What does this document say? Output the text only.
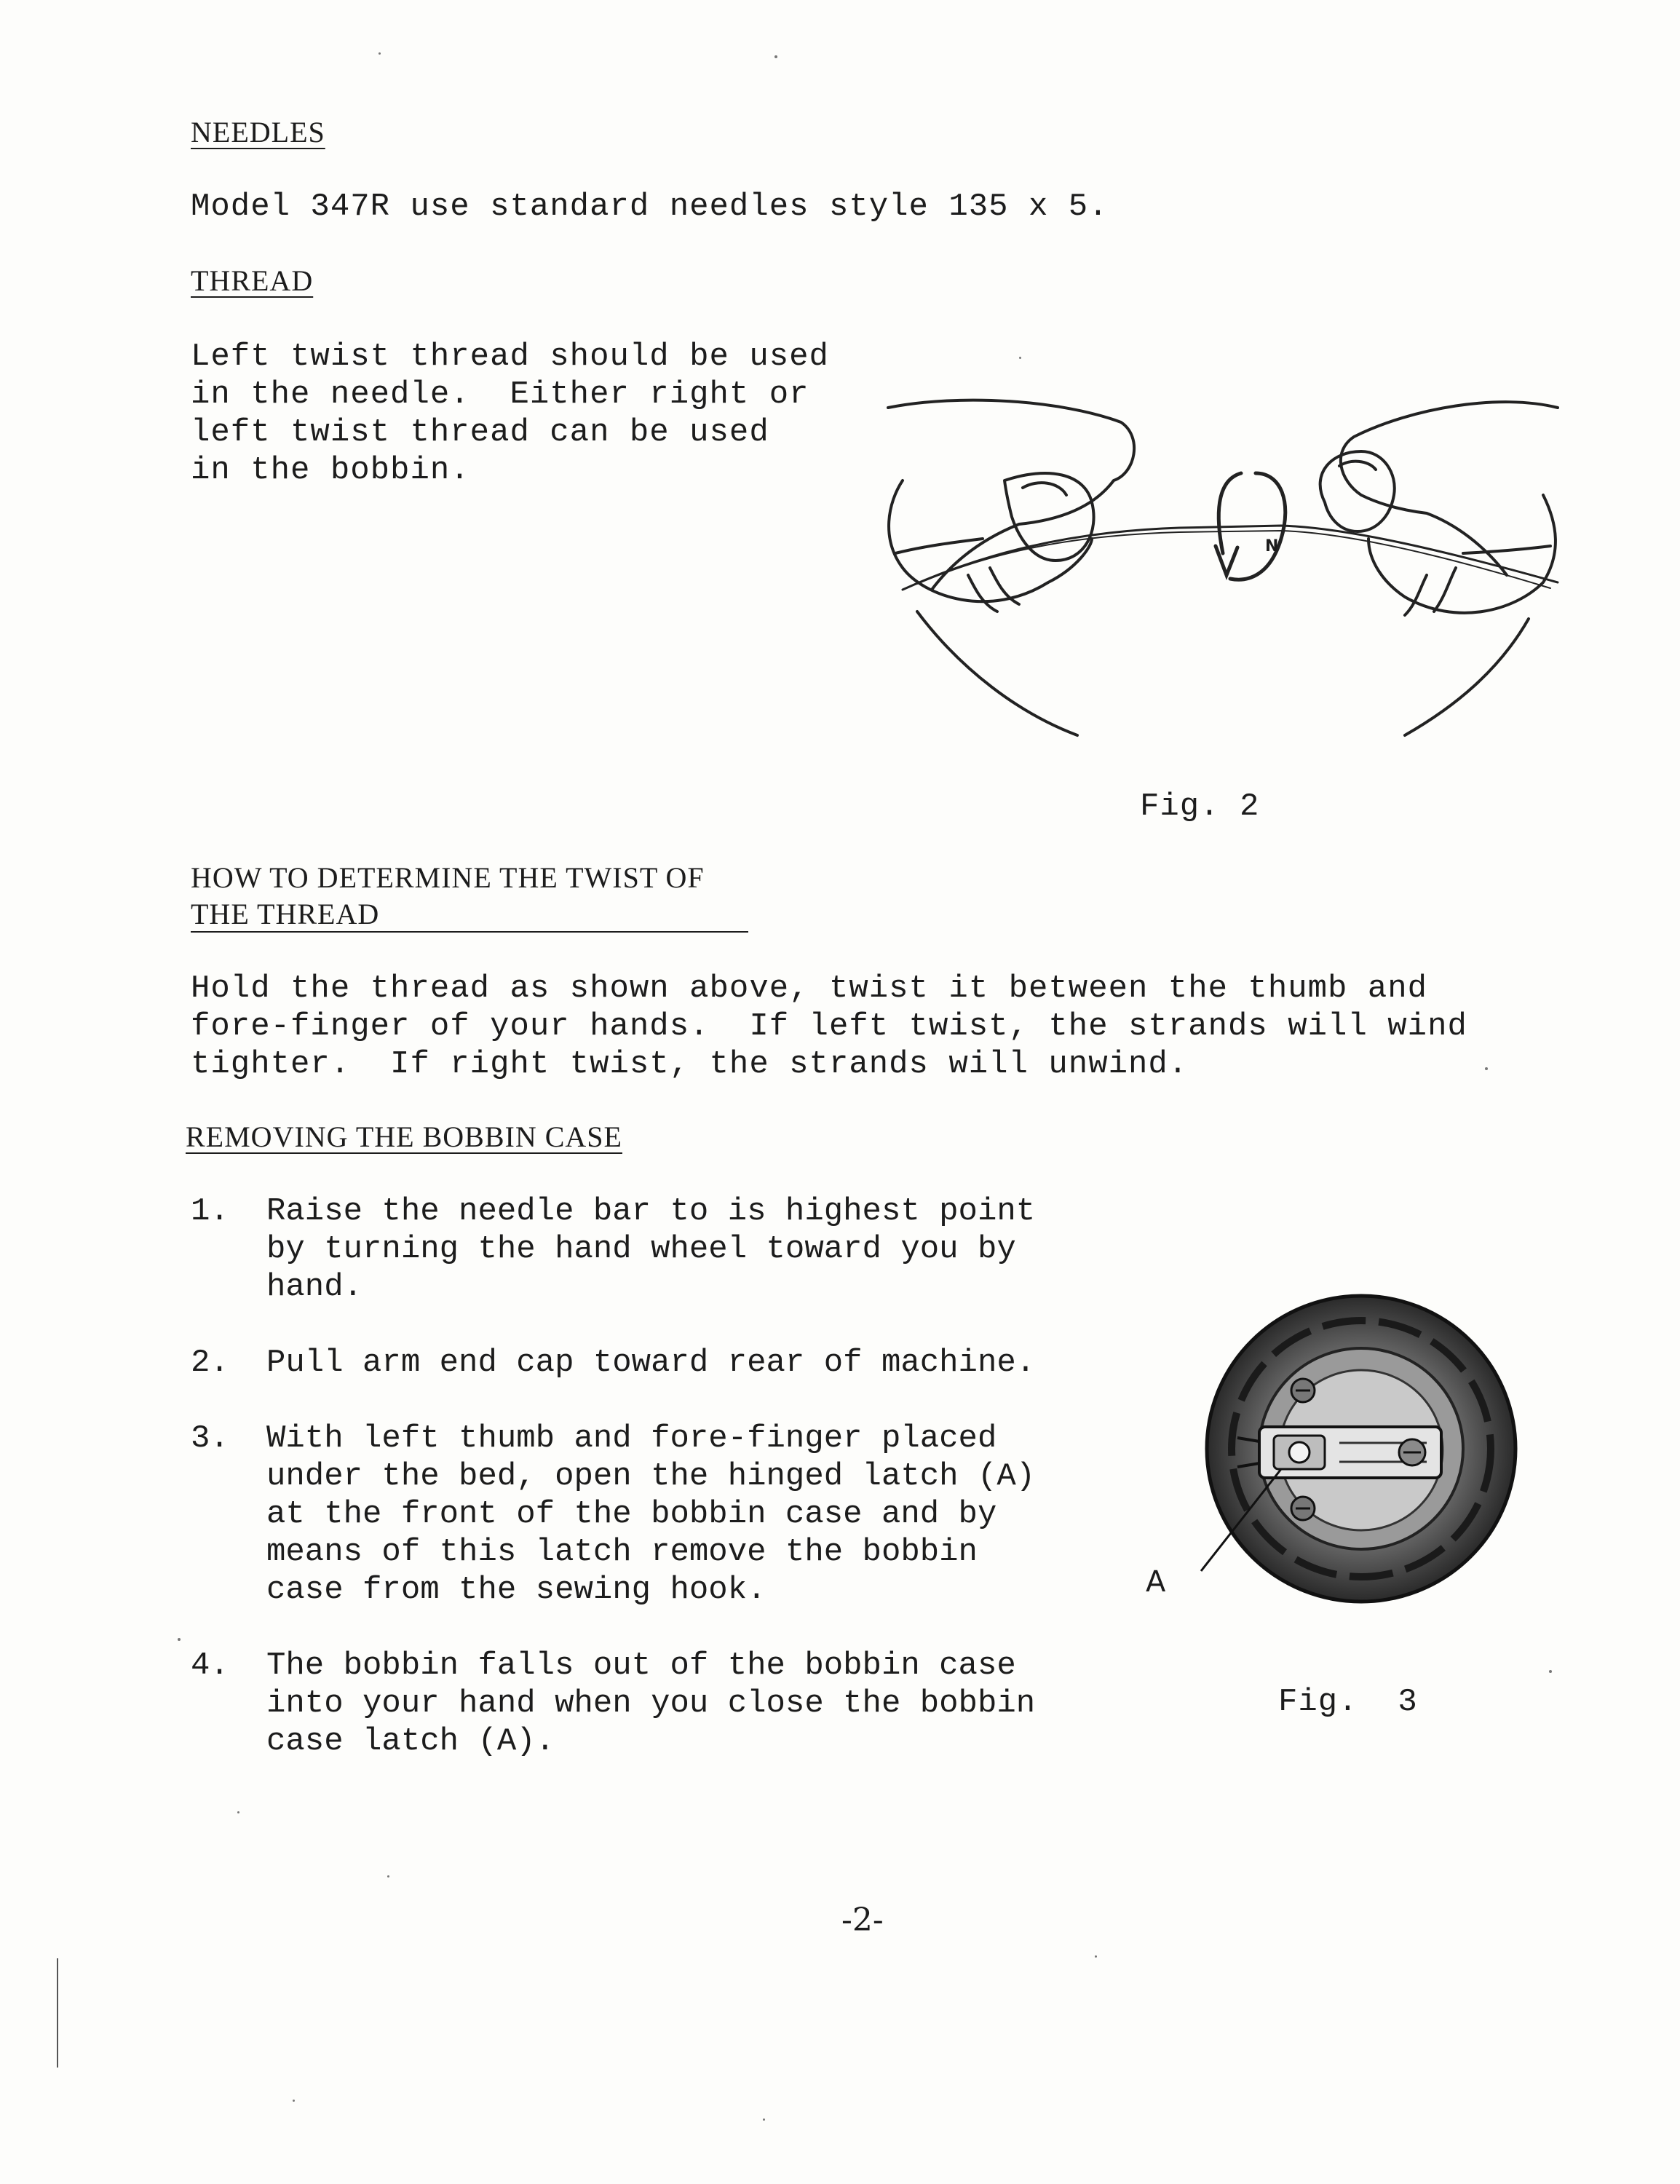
NEEDLES
Model 347R use standard needles style 135 x 5.
THREAD
Left twist thread should be used
in the needle.  Either right or
left twist thread can be used
in the bobbin.
N
Fig. 2
HOW TO DETERMINE THE TWIST OF
THE THREAD
Hold the thread as shown above, twist it between the thumb and
fore-finger of your hands.  If left twist, the strands will wind
tighter.  If right twist, the strands will unwind.
REMOVING THE BOBBIN CASE
1. Raise the needle bar to is highest point
by turning the hand wheel toward you by
hand.
2. Pull arm end cap toward rear of machine.
3. With left thumb and fore-finger placed
under the bed, open the hinged latch (A)
at the front of the bobbin case and by
means of this latch remove the bobbin
case from the sewing hook.
4. The bobbin falls out of the bobbin case
into your hand when you close the bobbin
case latch (A).
A
Fig.  3
-2-
